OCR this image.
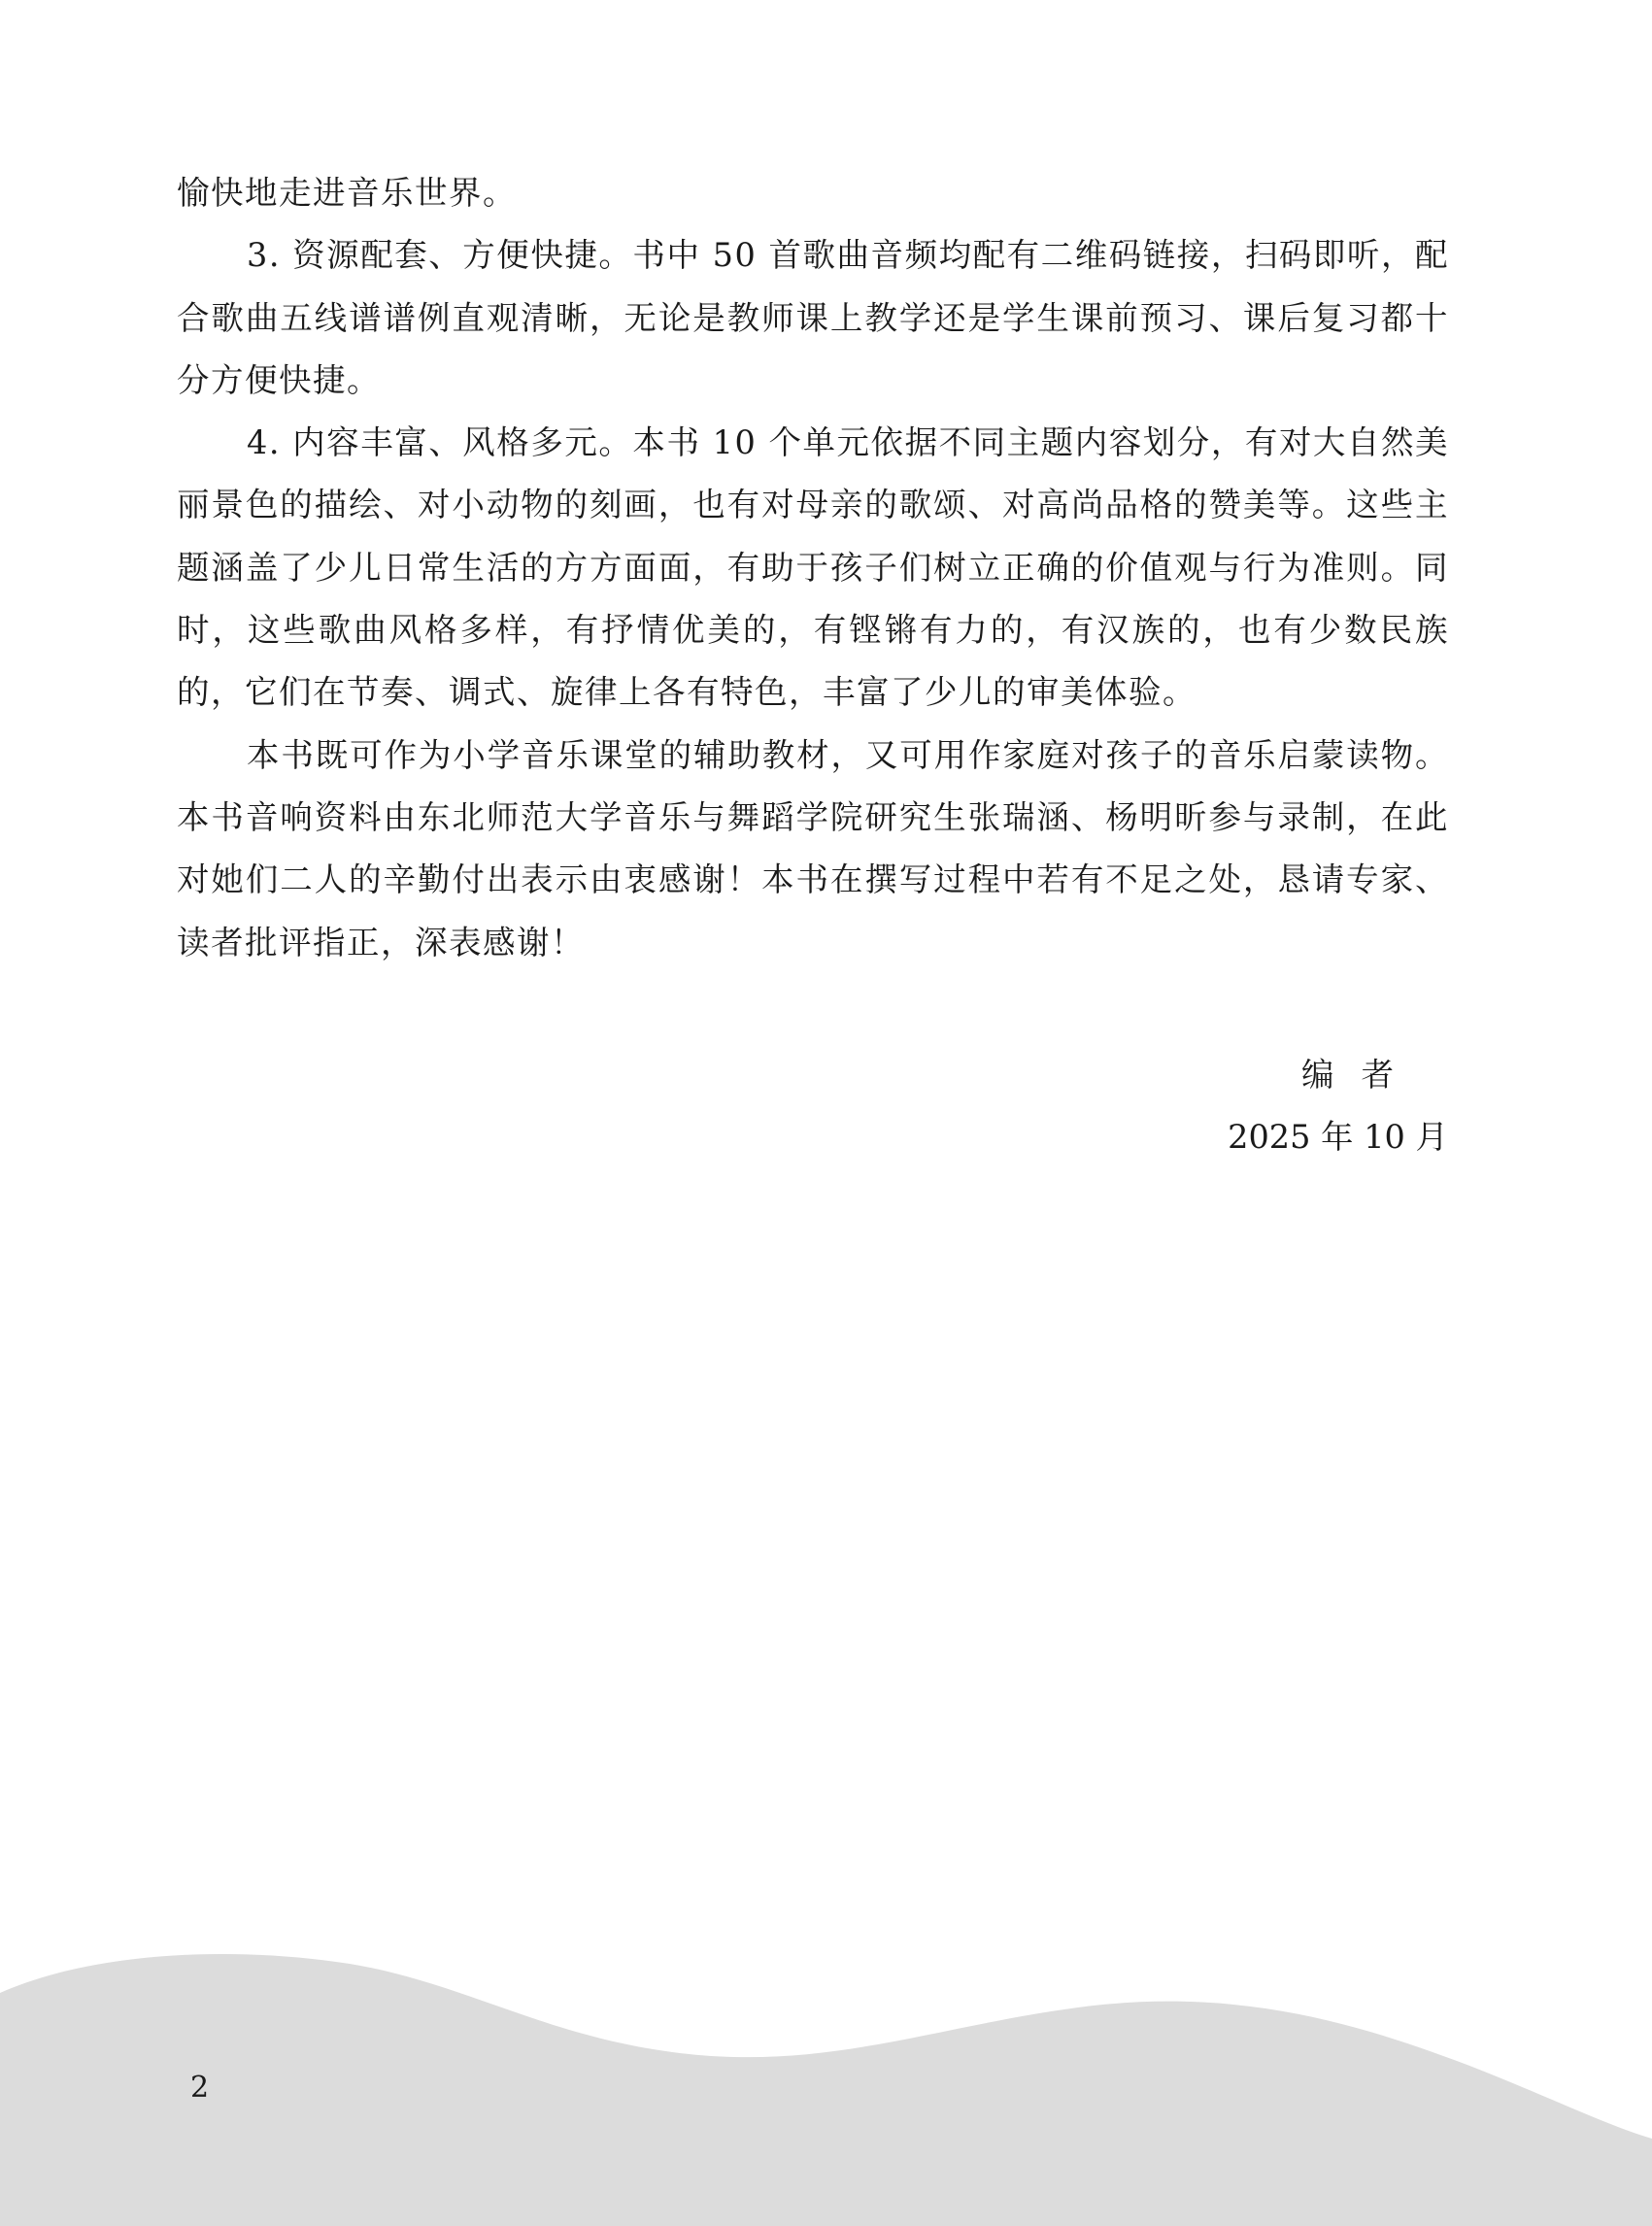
愉快地走进音乐世界。

3. 资源配套、方便快捷。书中 50 首歌曲音频均配有二维码链接，扫码即听，配合歌曲五线谱谱例直观清晰，无论是教师课上教学还是学生课前预习、课后复习都十分方便快捷。

4. 内容丰富、风格多元。本书 10 个单元依据不同主题内容划分，有对大自然美丽景色的描绘、对小动物的刻画，也有对母亲的歌颂、对高尚品格的赞美等。这些主题涵盖了少儿日常生活的方方面面，有助于孩子们树立正确的价值观与行为准则。同时，这些歌曲风格多样，有抒情优美的，有铿锵有力的，有汉族的，也有少数民族的，它们在节奏、调式、旋律上各有特色，丰富了少儿的审美体验。

本书既可作为小学音乐课堂的辅助教材，又可用作家庭对孩子的音乐启蒙读物。本书音响资料由东北师范大学音乐与舞蹈学院研究生张瑞涵、杨明昕参与录制，在此对她们二人的辛勤付出表示由衷感谢！本书在撰写过程中若有不足之处，恳请专家、读者批评指正，深表感谢！

编者
2025 年 10 月
2
